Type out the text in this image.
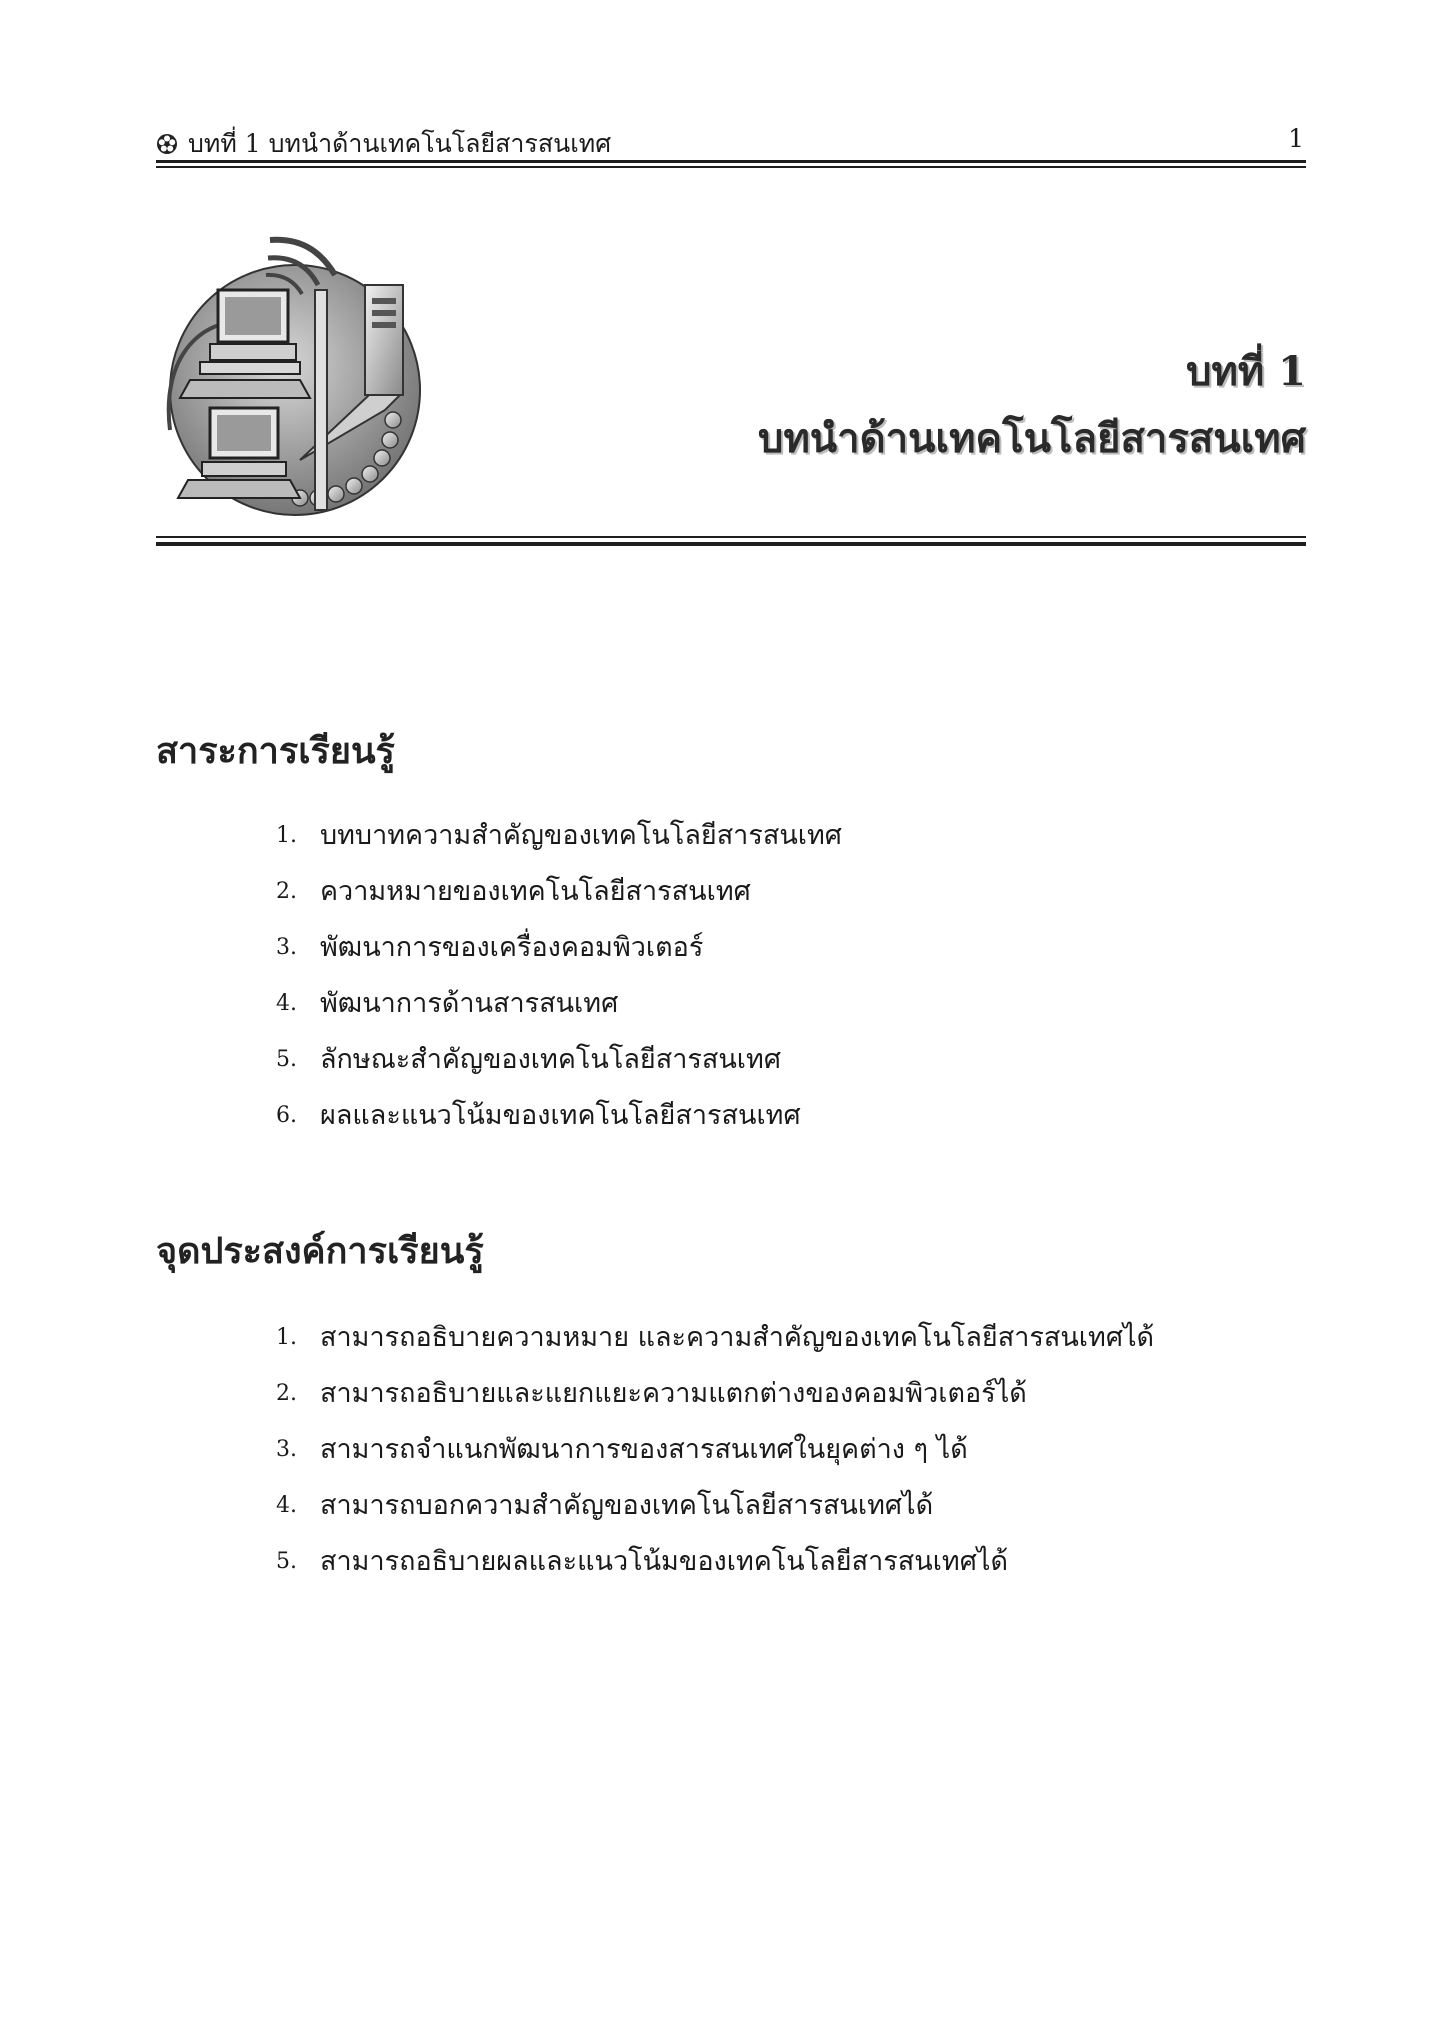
บทที่ 1 บทนำด้านเทคโนโลยีสารสนเทศ	1
บทที่ 1
บทนำด้านเทคโนโลยีสารสนเทศ
สาระการเรียนรู้
1. บทบาทความสำคัญของเทคโนโลยีสารสนเทศ
2. ความหมายของเทคโนโลยีสารสนเทศ
3. พัฒนาการของเครื่องคอมพิวเตอร์
4. พัฒนาการด้านสารสนเทศ
5. ลักษณะสำคัญของเทคโนโลยีสารสนเทศ
6. ผลและแนวโน้มของเทคโนโลยีสารสนเทศ
จุดประสงค์การเรียนรู้
1. สามารถอธิบายความหมาย และความสำคัญของเทคโนโลยีสารสนเทศได้
2. สามารถอธิบายและแยกแยะความแตกต่างของคอมพิวเตอร์ได้
3. สามารถจำแนกพัฒนาการของสารสนเทศในยุคต่าง ๆ ได้
4. สามารถบอกความสำคัญของเทคโนโลยีสารสนเทศได้
5. สามารถอธิบายผลและแนวโน้มของเทคโนโลยีสารสนเทศได้
